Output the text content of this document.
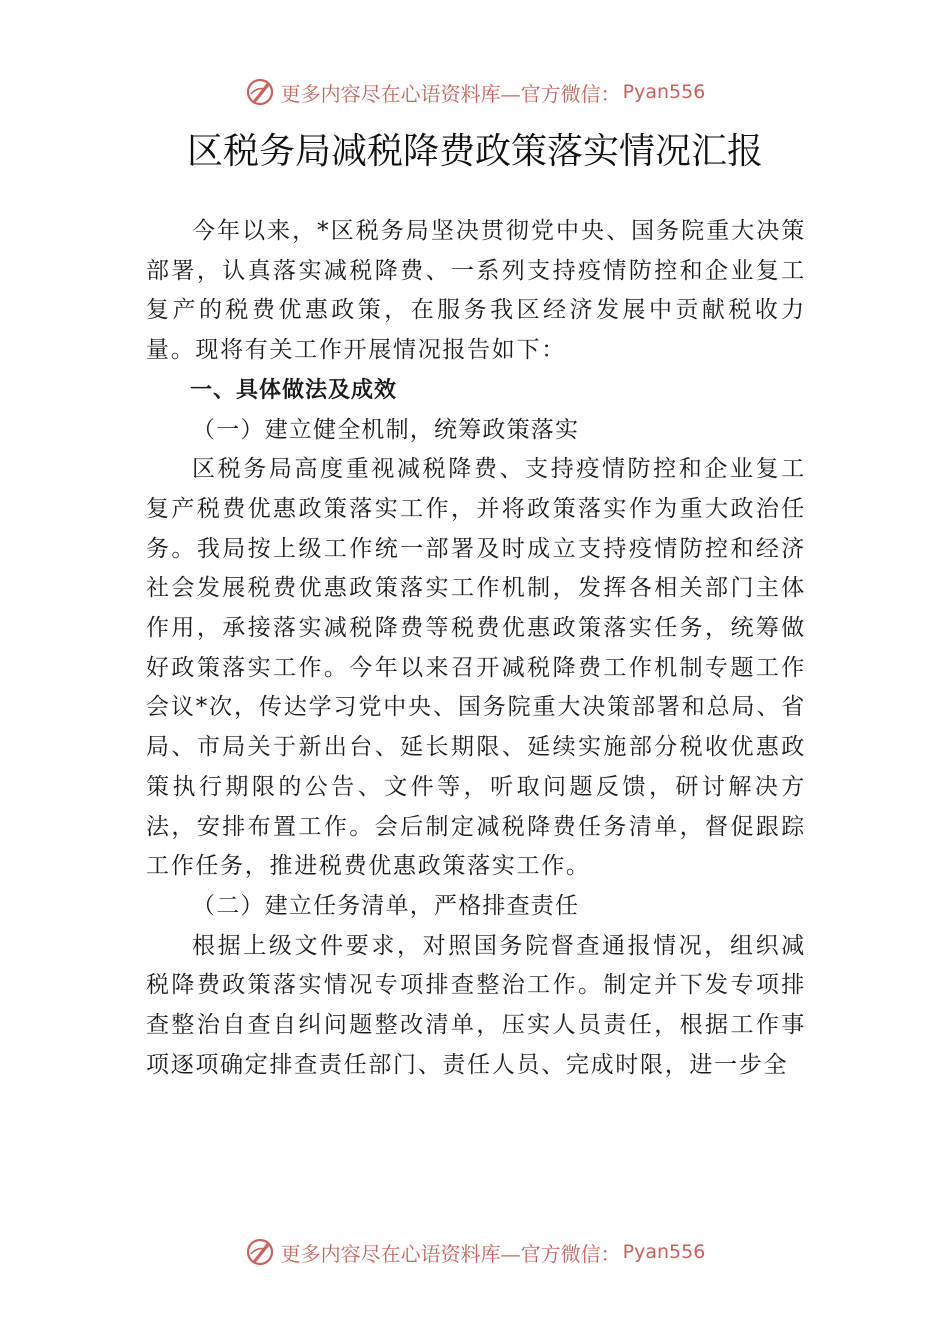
更多内容尽在心语资料库—官方微信： Pyan556
区税务局减税降费政策落实情况汇报

今年以来，*区税务局坚决贯彻党中央、国务院重大决策部署，认真落实减税降费、一系列支持疫情防控和企业复工复产的税费优惠政策，在服务我区经济发展中贡献税收力量。现将有关工作开展情况报告如下：

一、具体做法及成效

（一）建立健全机制，统筹政策落实

区税务局高度重视减税降费、支持疫情防控和企业复工复产税费优惠政策落实工作，并将政策落实作为重大政治任务。我局按上级工作统一部署及时成立支持疫情防控和经济社会发展税费优惠政策落实工作机制，发挥各相关部门主体作用，承接落实减税降费等税费优惠政策落实任务，统筹做好政策落实工作。今年以来召开减税降费工作机制专题工作会议*次，传达学习党中央、国务院重大决策部署和总局、省局、市局关于新出台、延长期限、延续实施部分税收优惠政策执行期限的公告、文件等，听取问题反馈，研讨解决方法，安排布置工作。会后制定减税降费任务清单，督促跟踪工作任务，推进税费优惠政策落实工作。

（二）建立任务清单，严格排查责任

根据上级文件要求，对照国务院督查通报情况，组织减税降费政策落实情况专项排查整治工作。制定并下发专项排查整治自查自纠问题整改清单，压实人员责任，根据工作事项逐项确定排查责任部门、责任人员、完成时限，进一步全

更多内容尽在心语资料库—官方微信： Pyan556
